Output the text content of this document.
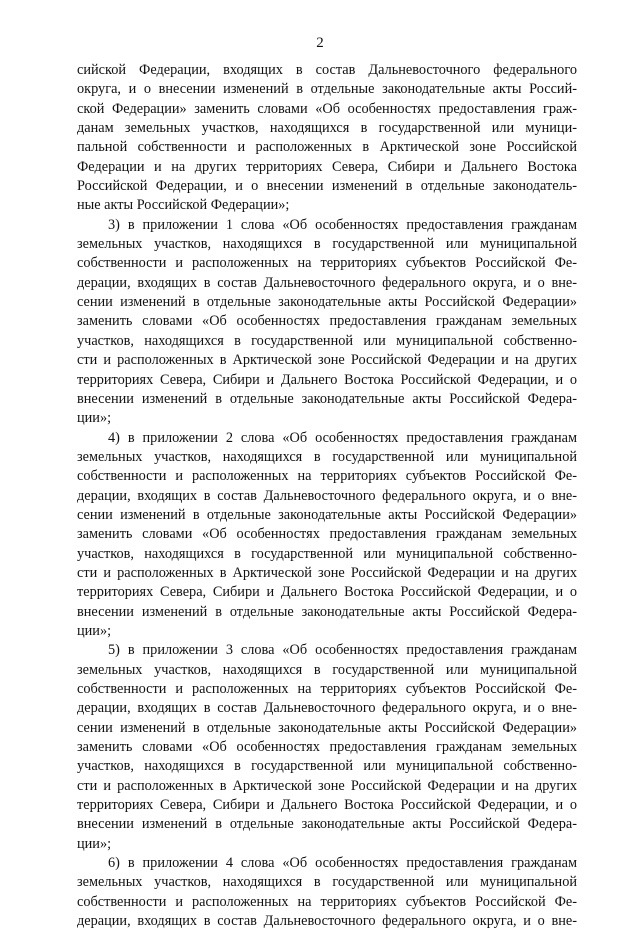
2
сийской Федерации, входящих в состав Дальневосточного федерального
округа, и о внесении изменений в отдельные законодательные акты Россий-
ской Федерации» заменить словами «Об особенностях предоставления граж-
данам земельных участков, находящихся в государственной или муници-
пальной собственности и расположенных в Арктической зоне Российской
Федерации и на других территориях Севера, Сибири и Дальнего Востока
Российской Федерации, и о внесении изменений в отдельные законодатель-
ные акты Российской Федерации»;
3) в приложении 1 слова «Об особенностях предоставления гражданам
земельных участков, находящихся в государственной или муниципальной
собственности и расположенных на территориях субъектов Российской Фе-
дерации, входящих в состав Дальневосточного федерального округа, и о вне-
сении изменений в отдельные законодательные акты Российской Федерации»
заменить словами «Об особенностях предоставления гражданам земельных
участков, находящихся в государственной или муниципальной собственно-
сти и расположенных в Арктической зоне Российской Федерации и на других
территориях Севера, Сибири и Дальнего Востока Российской Федерации, и о
внесении изменений в отдельные законодательные акты Российской Федера-
ции»;
4) в приложении 2 слова «Об особенностях предоставления гражданам
земельных участков, находящихся в государственной или муниципальной
собственности и расположенных на территориях субъектов Российской Фе-
дерации, входящих в состав Дальневосточного федерального округа, и о вне-
сении изменений в отдельные законодательные акты Российской Федерации»
заменить словами «Об особенностях предоставления гражданам земельных
участков, находящихся в государственной или муниципальной собственно-
сти и расположенных в Арктической зоне Российской Федерации и на других
территориях Севера, Сибири и Дальнего Востока Российской Федерации, и о
внесении изменений в отдельные законодательные акты Российской Федера-
ции»;
5) в приложении 3 слова «Об особенностях предоставления гражданам
земельных участков, находящихся в государственной или муниципальной
собственности и расположенных на территориях субъектов Российской Фе-
дерации, входящих в состав Дальневосточного федерального округа, и о вне-
сении изменений в отдельные законодательные акты Российской Федерации»
заменить словами «Об особенностях предоставления гражданам земельных
участков, находящихся в государственной или муниципальной собственно-
сти и расположенных в Арктической зоне Российской Федерации и на других
территориях Севера, Сибири и Дальнего Востока Российской Федерации, и о
внесении изменений в отдельные законодательные акты Российской Федера-
ции»;
6) в приложении 4 слова «Об особенностях предоставления гражданам
земельных участков, находящихся в государственной или муниципальной
собственности и расположенных на территориях субъектов Российской Фе-
дерации, входящих в состав Дальневосточного федерального округа, и о вне-
